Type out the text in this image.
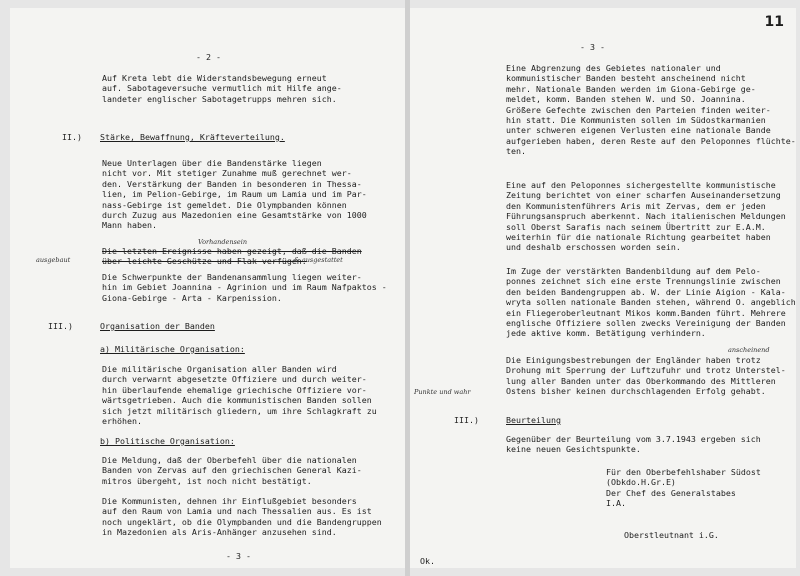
- 2 -
Auf Kreta lebt die Widerstandsbewegung erneut
auf. Sabotageversuche vermutlich mit Hilfe ange-
landeter englischer Sabotagetrupps mehren sich.
II.) Stärke, Bewaffnung, Kräfteverteilung.
Neue Unterlagen über die Bandenstärke liegen
nicht vor. Mit stetiger Zunahme muß gerechnet wer-
den. Verstärkung der Banden in besonderen in Thessa-
lien, im Pelion-Gebirge, im Raum um Lamia und im Par-
nass-Gebirge ist gemeldet. Die Olympbanden können
durch Zuzug aus Mazedonien eine Gesamtstärke von 1000
Mann haben.
Die letzten Ereignisse haben gezeigt, daß die Banden
über leichte Geschütze und Flak verfügen.
Die Schwerpunkte der Bandenansammlung liegen weiter-
hin im Gebiet Joannina - Agrinion und im Raum Nafpaktos -
Giona-Gebirge - Arta - Karpenission.
III.)	Organisation der Banden
a) Militärische Organisation:
Die militärische Organisation aller Banden wird
durch verwarnt abgesetzte Offiziere und durch weiter-
hin überlaufende ehemalige griechische Offiziere vor-
wärtsgetrieben. Auch die kommunistischen Banden sollen
sich jetzt militärisch gliedern, um ihre Schlagkraft zu
erhöhen.
b) Politische Organisation:
Die Meldung, daß der Oberbefehl über die nationalen
Banden von Zervas auf den griechischen General Kazi-
mitros übergeht, ist noch nicht bestätigt.
Die Kommunisten, dehnen ihr Einflußgebiet besonders
auf den Raum von Lamia und nach Thessalien aus. Es ist
noch ungeklärt, ob die Olympbanden und die Bandengruppen
in Mazedonien als Aris-Anhänger anzusehen sind.
- 3 -
ausgebaut
Vorhandensein
& ausgestattet
11
- 3 -
Eine Abgrenzung des Gebietes nationaler und
kommunistischer Banden besteht anscheinend nicht
mehr. Nationale Banden werden im Giona-Gebirge ge-
meldet, komm. Banden stehen W. und SO. Joannina.
Größere Gefechte zwischen den Parteien finden weiter-
hin statt. Die Kommunisten sollen im Südostkarmanien
unter schweren eigenen Verlusten eine nationale Bande
aufgerieben haben, deren Reste auf den Peloponnes flüchte-
ten.
Eine auf den Peloponnes sichergestellte kommunistische
Zeitung berichtet von einer scharfen Auseinandersetzung
den Kommunistenführers Aris mit Zervas, dem er jeden
Führungsanspruch aberkennt. Nach italienischen Meldungen
soll Oberst Sarafis nach seinem Übertritt zur E.A.M.
weiterhin für die nationale Richtung gearbeitet haben
und deshalb erschossen worden sein.
Im Zuge der verstärkten Bandenbildung auf dem Pelo-
ponnes zeichnet sich eine erste Trennungslinie zwischen
den beiden Bandengruppen ab. W. der Linie Aigion - Kala-
wryta sollen nationale Banden stehen, während O. angeblich
ein Fliegeroberleutnant Mikos komm.Banden führt. Mehrere
englische Offiziere sollen zwecks Vereinigung der Banden
jede aktive komm. Betätigung verhindern.
Die Einigungsbestrebungen der Engländer haben trotz
Drohung mit Sperrung der Luftzufuhr und trotz Unterstel-
lung aller Banden unter das Oberkommando des Mittleren
Ostens bisher keinen durchschlagenden Erfolg gehabt.
III.)	Beurteilung
Gegenüber der Beurteilung vom 3.7.1943 ergeben sich
keine neuen Gesichtspunkte.
Für den Oberbefehlshaber Südost
(Obkdo.H.Gr.E)
Der Chef des Generalstabes
I.A.
Oberstleutnant i.G.
Ok.
anscheinend
Punkte und wahr
